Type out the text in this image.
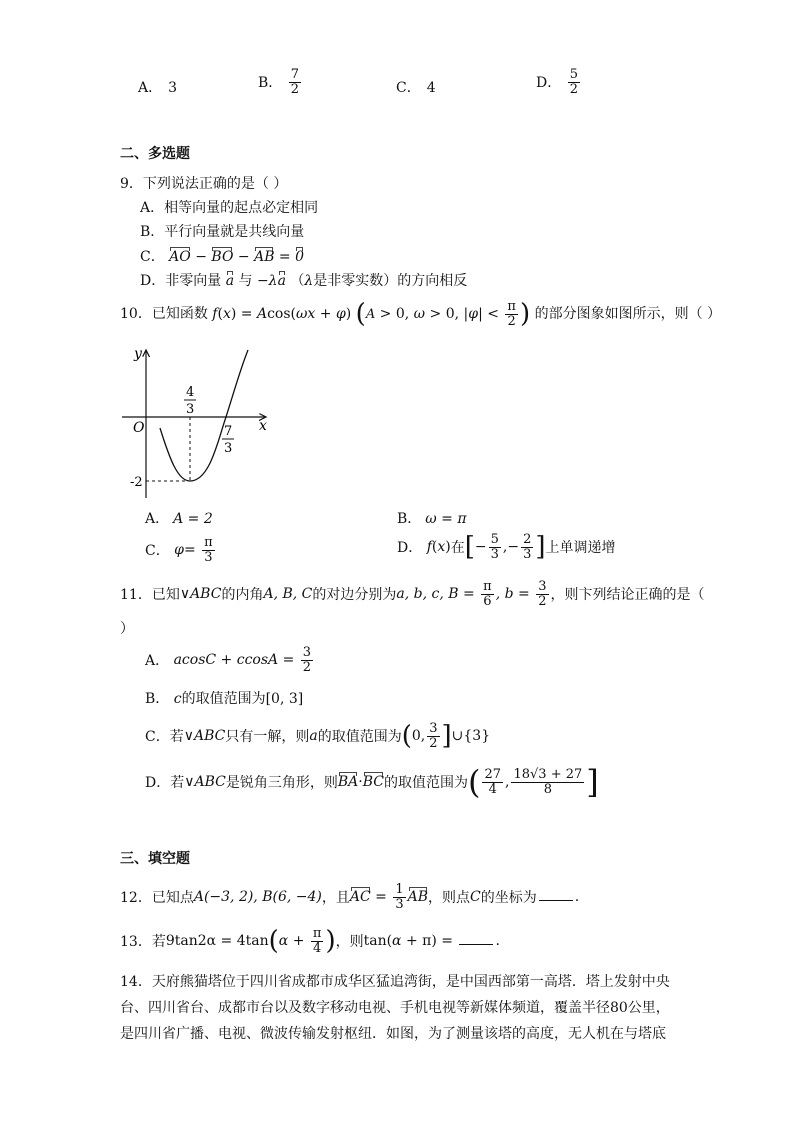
A． 3	B． $\frac{7}{2}$	C． 4	D． $\frac{5}{2}$
二、多选题
9．下列说法正确的是（ ）
A．相等向量的起点必定相同
B．平行向量就是共线向量
C． AO − BO − AB = 0
D．非零向量 a 与 −λa （λ是非零实数）的方向相反
10．已知函数 f(x) = Acos(ωx + φ) (A > 0, ω > 0, $|\varphi| < \frac{\pi}{2}$ ) 的部分图象如图所示，则（ ）
y
x
O
4
3
7
3
-2
A． A = 2	B． ω = π
C． $\varphi= \frac{\pi}{3}$	D． f(x)在[− $\frac{5}{3}$ ,− $\frac{2}{3}$ ]上单调递增
11．已知∨ABC的内角A, B, C的对边分别为a, b, c, $B = \frac{\pi}{6}$ , $b = \frac{3}{2}$ ，则卞列结论正确的是（
）
A． $acosC + ccosA = \frac{3}{2}$
B． c的取值范围为[0, 3]
C．若∨ABC只有一解，则a的取值范围为(0, $\frac{3}{2}$ ]∪{3}
D．若∨ABC是锐角三角形，则BA·BC的取值范围为( $\frac{27}{4}$ , $\frac{18√3 + 27}{8}$ ]
三、填空题
12．已知点A(−3, 2), B(6, −4)，且AC = $\frac{1}{3}$ AB，则点C的坐标为	.
13．若$9\tan 2\alpha = 4\tan(\alpha + \frac{\pi}{4}$ )，则tan(α + π) =	.
14．天府熊猫塔位于四川省成都市成华区猛追湾街，是中国西部第一高塔．塔上发射中央
台、四川省台、成都市台以及数字移动电视、手机电视等新媒体频道，覆盖半径80公里，
是四川省广播、电视、微波传输发射枢纽．如图，为了测量该塔的高度，无人机在与塔底
